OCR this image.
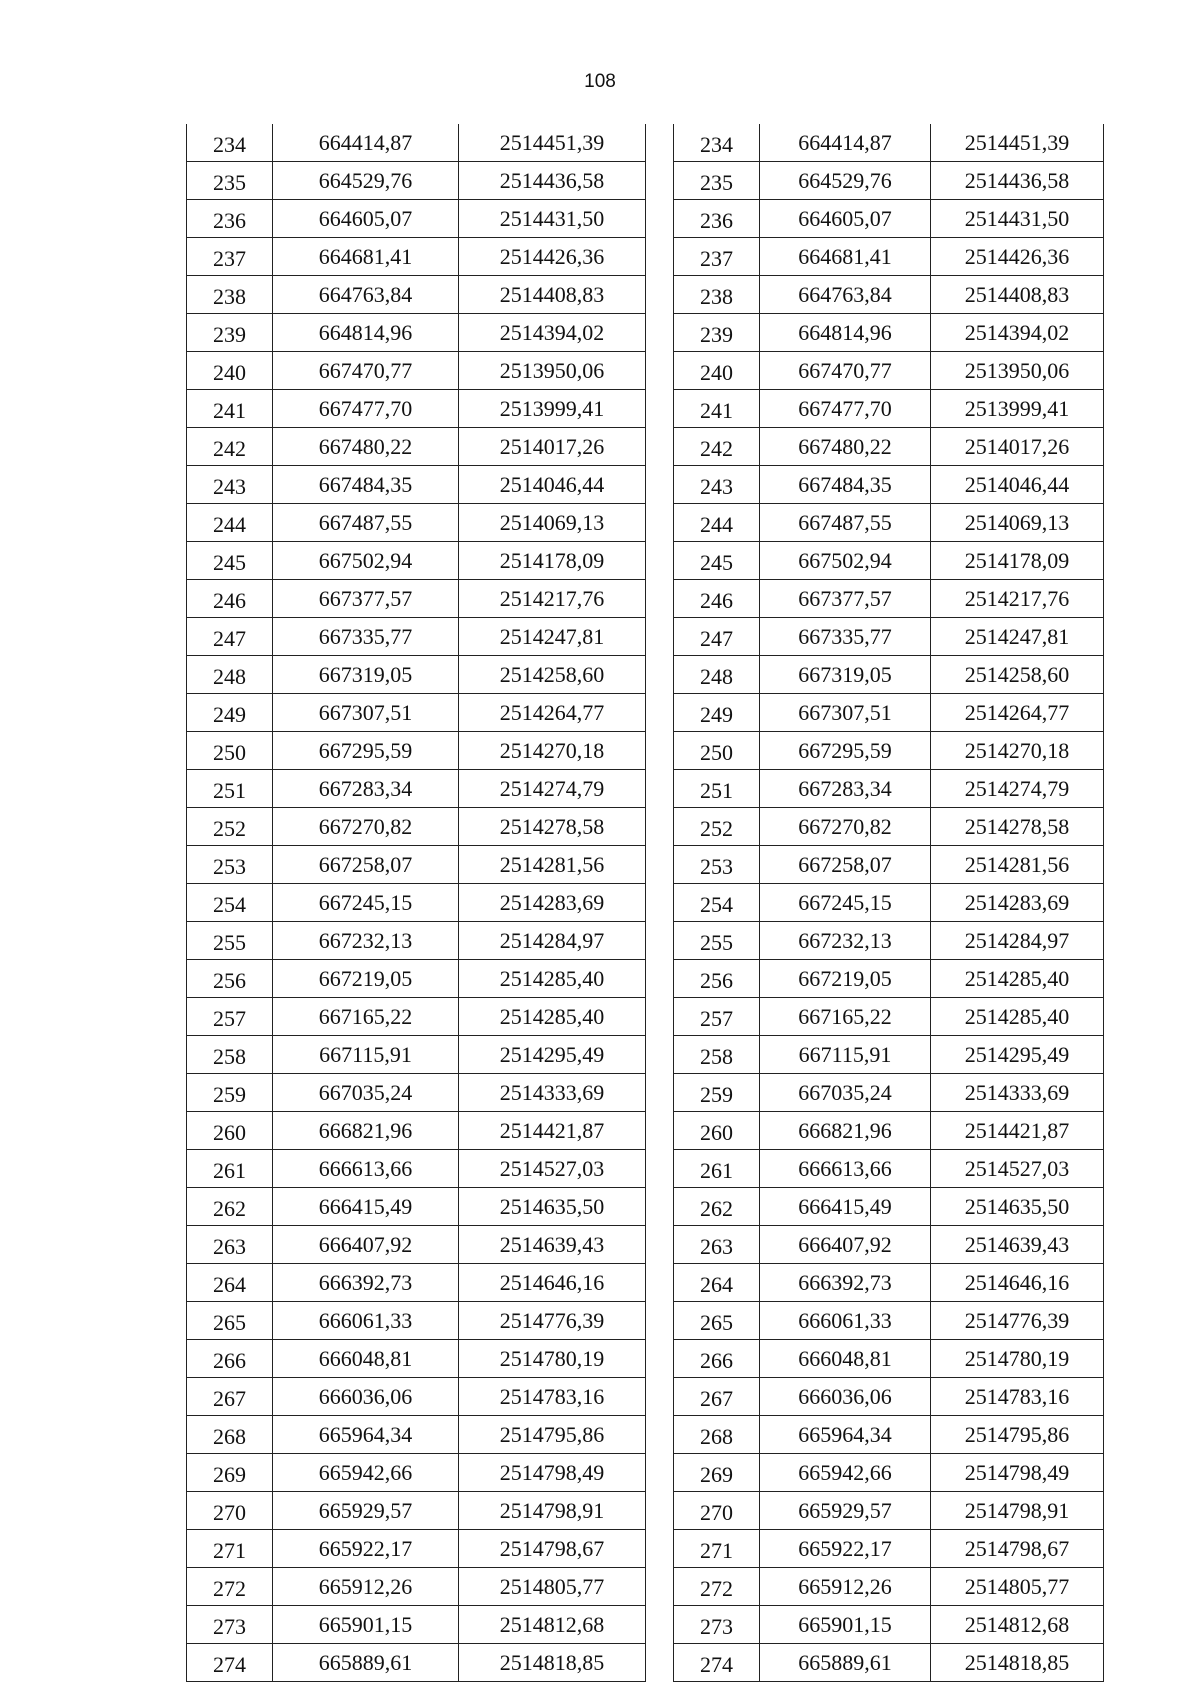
108
234	664414,87	2514451,39
235	664529,76	2514436,58
236	664605,07	2514431,50
237	664681,41	2514426,36
238	664763,84	2514408,83
239	664814,96	2514394,02
240	667470,77	2513950,06
241	667477,70	2513999,41
242	667480,22	2514017,26
243	667484,35	2514046,44
244	667487,55	2514069,13
245	667502,94	2514178,09
246	667377,57	2514217,76
247	667335,77	2514247,81
248	667319,05	2514258,60
249	667307,51	2514264,77
250	667295,59	2514270,18
251	667283,34	2514274,79
252	667270,82	2514278,58
253	667258,07	2514281,56
254	667245,15	2514283,69
255	667232,13	2514284,97
256	667219,05	2514285,40
257	667165,22	2514285,40
258	667115,91	2514295,49
259	667035,24	2514333,69
260	666821,96	2514421,87
261	666613,66	2514527,03
262	666415,49	2514635,50
263	666407,92	2514639,43
264	666392,73	2514646,16
265	666061,33	2514776,39
266	666048,81	2514780,19
267	666036,06	2514783,16
268	665964,34	2514795,86
269	665942,66	2514798,49
270	665929,57	2514798,91
271	665922,17	2514798,67
272	665912,26	2514805,77
273	665901,15	2514812,68
274	665889,61	2514818,85
234	664414,87	2514451,39
235	664529,76	2514436,58
236	664605,07	2514431,50
237	664681,41	2514426,36
238	664763,84	2514408,83
239	664814,96	2514394,02
240	667470,77	2513950,06
241	667477,70	2513999,41
242	667480,22	2514017,26
243	667484,35	2514046,44
244	667487,55	2514069,13
245	667502,94	2514178,09
246	667377,57	2514217,76
247	667335,77	2514247,81
248	667319,05	2514258,60
249	667307,51	2514264,77
250	667295,59	2514270,18
251	667283,34	2514274,79
252	667270,82	2514278,58
253	667258,07	2514281,56
254	667245,15	2514283,69
255	667232,13	2514284,97
256	667219,05	2514285,40
257	667165,22	2514285,40
258	667115,91	2514295,49
259	667035,24	2514333,69
260	666821,96	2514421,87
261	666613,66	2514527,03
262	666415,49	2514635,50
263	666407,92	2514639,43
264	666392,73	2514646,16
265	666061,33	2514776,39
266	666048,81	2514780,19
267	666036,06	2514783,16
268	665964,34	2514795,86
269	665942,66	2514798,49
270	665929,57	2514798,91
271	665922,17	2514798,67
272	665912,26	2514805,77
273	665901,15	2514812,68
274	665889,61	2514818,85
